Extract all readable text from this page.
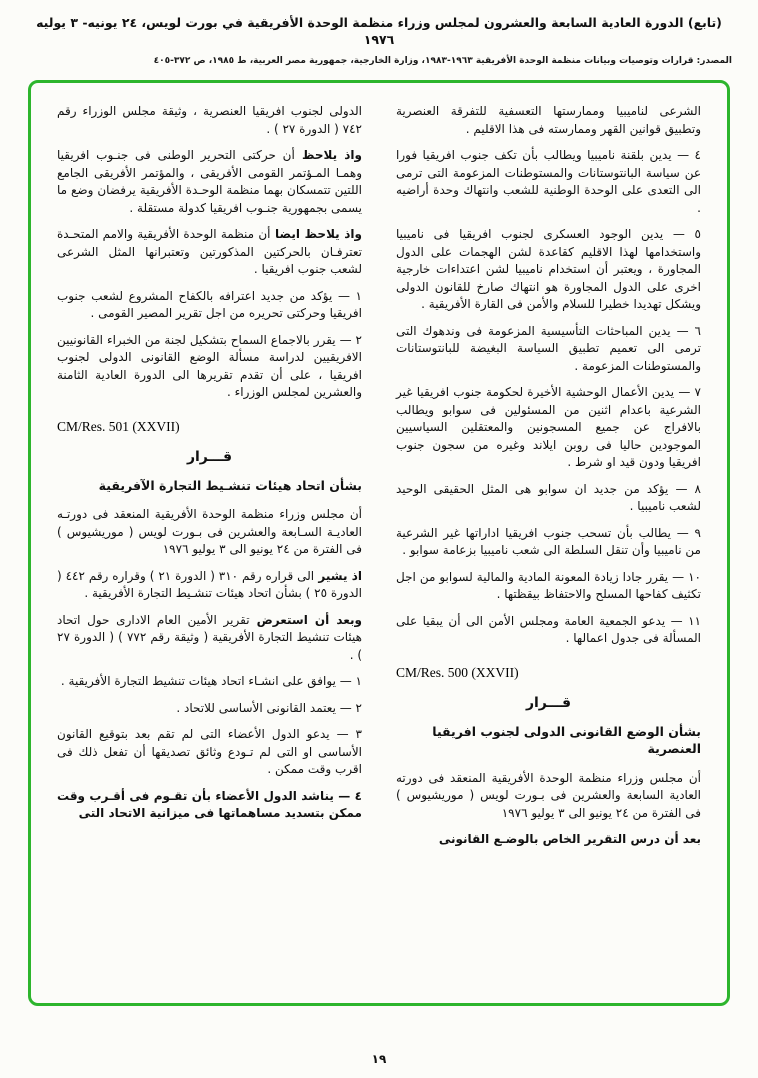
(تابع) الدورة العادية السابعة والعشرون لمجلس وزراء منظمة الوحدة الأفريقية في بورت لويس، ٢٤ يونيه- ٣ يوليه ١٩٧٦
المصدر: قرارات وتوصيات وبيانات منظمة الوحدة الأفريقية ١٩٦٣-١٩٨٣، وزارة الخارجية، جمهورية مصر العربية، ط ١٩٨٥، ص ٣٧٢-٤٠٥

الشرعى لناميبيا وممارستها التعسفية للتفرقة العنصرية وتطبيق قوانين القهر وممارسته فى هذا الاقليم .

٤ — يدين بلقنة ناميبيا ويطالب بأن تكف جنوب افريقيا فورا عن سياسة البانتوستانات والمستوطنات المزعومة التى ترمى الى التعدى على الوحدة الوطنية للشعب وانتهاك وحدة أراضيه .

٥ — يدين الوجود العسكرى لجنوب افريقيا فى ناميبيا واستخدامها لهذا الاقليم كقاعدة لشن الهجمات على الدول المجاورة ، ويعتبر أن استخدام ناميبيا لشن اعتداءات خارجية اخرى على الدول المجاورة هو انتهاك صارخ للقانون الدولى ويشكل تهديدا خطيرا للسلام والأمن فى القارة الأفريقية .

٦ — يدين المباحثات التأسيسية المزعومة فى وندهوك التى ترمى الى تعميم تطبيق السياسة البغيضة للبانتوستانات والمستوطنات المزعومة .

٧ — يدين الأعمال الوحشية الأخيرة لحكومة جنوب افريقيا غير الشرعية باعدام اثنين من المسئولين فى سوابو ويطالب بالافراج عن جميع المسجونين والمعتقلين السياسيين الموجودين حاليا فى روبن ايلاند وغيره من سجون جنوب افريقيا ودون قيد او شرط .

٨ — يؤكد من جديد ان سوابو هى المثل الحقيقى الوحيد لشعب ناميبيا .

٩ — يطالب بأن تسحب جنوب افريقيا اداراتها غير الشرعية من ناميبيا وأن تنقل السلطة الى شعب ناميبيا بزعامة سوابو .

١٠ — يقرر جادا زيادة المعونة المادية والمالية لسوابو من اجل تكثيف كفاحها المسلح والاحتفاظ بيقظتها .

١١ — يدعو الجمعية العامة ومجلس الأمن الى أن يبقيا على المسألة فى جدول اعمالها .

CM/Res. 500 (XXVII)

قـــرار

بشأن الوضع القانونى الدولى لجنوب افريقيا العنصرية

أن مجلس وزراء منظمة الوحدة الأفريقية المنعقد فى دورته العادية السابعة والعشرين فى بـورت لويس ( موريشيوس ) فى الفترة من ٢٤ يونيو الى ٣ يوليو ١٩٧٦

بعد أن درس التقرير الخاص بالوضـع القانونى

الدولى لجنوب افريقيا العنصرية ، وثيقة مجلس الوزراء رقم ٧٤٢ ( الدورة ٢٧ ) .

واذ يلاحظ أن حركتى التحرير الوطنى فى جنـوب افريقيا وهمـا المـؤتمر القومى الأفريقى ، والمؤتمر الأفريقى الجامع اللتين تتمسكان بهما منظمة الوحـدة الأفريقية يرفضان وضع ما يسمى بجمهورية جنـوب افريقيا كدولة مستقلة .

واذ يلاحظ ايضا أن منظمة الوحدة الأفريقية والامم المتحـدة تعترفـان بالحركتين المذكورتين وتعتبرانها المثل الشرعى لشعب جنوب افريقيا .

١ — يؤكد من جديد اعترافه بالكفاح المشروع لشعب جنوب افريقيا وحركتى تحريره من اجل تقرير المصير القومى .

٢ — يقرر بالاجماع السماح بتشكيل لجنة من الخبراء القانونيين الافريقيين لدراسة مسألة الوضع القانونى الدولى لجنوب افريقيا ، على أن تقدم تقريرها الى الدورة العادية الثامنة والعشرين لمجلس الوزراء .

CM/Res. 501 (XXVII)

قـــرار

بشأن اتحاد هيئات تنشـيط التجارة الآفريقية

أن مجلس وزراء منظمة الوحدة الأفريقية المنعقد فى دورتـه العاديـة السـابعة والعشرين فى بـورت لويس ( موريشيوس ) فى الفترة من ٢٤ يونيو الى ٣ يوليو ١٩٧٦

اذ يشير الى قراره رقم ٣١٠ ( الدورة ٢١ ) وقراره رقم ٤٤٢ ( الدورة ٢٥ ) بشأن اتحاد هيئات تنشـيط التجارة الأفريقية .

وبعد أن استعرض تقرير الأمين العام الادارى حول اتحاد هيئات تنشيط التجارة الأفريقية ( وثيقة رقم ٧٧٢ ) ( الدورة ٢٧ ) .

١ — يوافق على انشـاء اتحاد هيئات تنشيط التجارة الأفريقية .

٢ — يعتمد القانونى الأساسى للاتحاد .

٣ — يدعو الدول الأعضاء التى لم تقم بعد بتوقيع القانون الأساسى او التى لم تـودع وثائق تصديقها أن تفعل ذلك فى اقرب وقت ممكن .

٤ — يناشد الدول الأعضاء بأن تقـوم فى أقـرب وقت ممكن بتسديد مساهماتها فى ميزانية الاتحاد التى

١٩
